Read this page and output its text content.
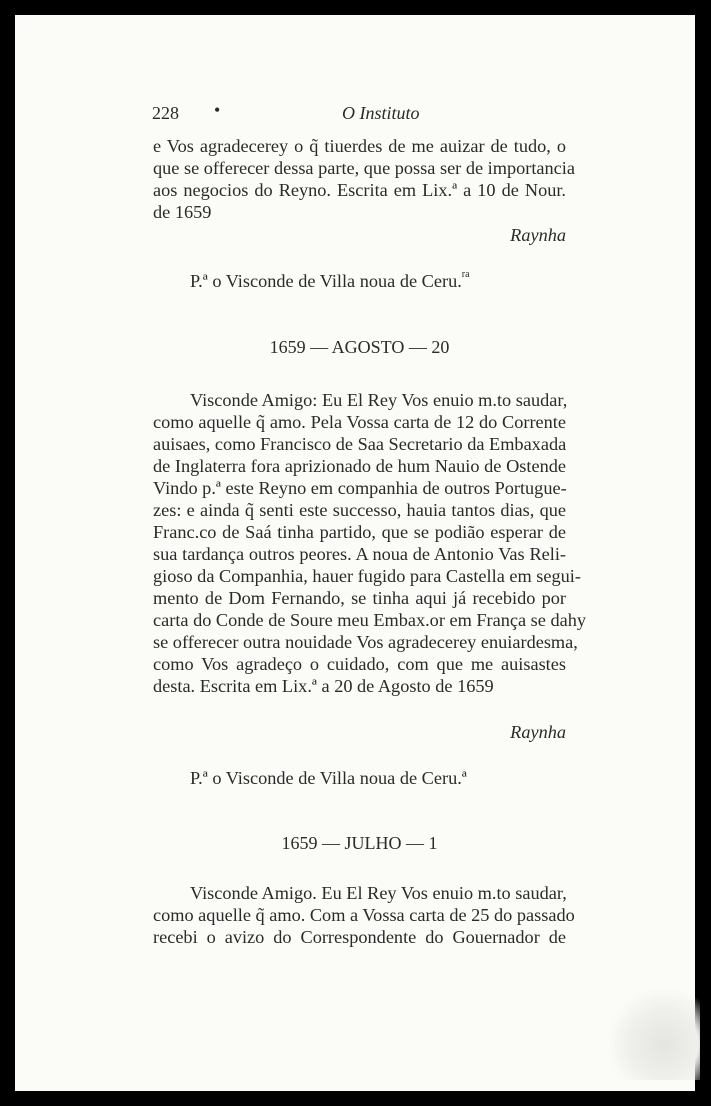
228 •	O Instituto
e Vos agradecerey o q̃ tiuerdes de me auizar de tudo, o
que se offerecer dessa parte, que possa ser de importancia
aos negocios do Reyno. Escrita em Lix.ª a 10 de Nour.
de 1659
Raynha
P.ª o Visconde de Villa noua de Ceru.$^{ra}$
1659 — AGOSTO — 20
Visconde Amigo: Eu El Rey Vos enuio m.to saudar,
como aquelle q̃ amo. Pela Vossa carta de 12 do Corrente
auisaes, como Francisco de Saa Secretario da Embaxada
de Inglaterra fora aprizionado de hum Nauio de Ostende
Vindo p.ª este Reyno em companhia de outros Portugue-
zes: e ainda q̃ senti este successo, hauia tantos dias, que
Franc.co de Saá tinha partido, que se podião esperar de
sua tardança outros peores. A noua de Antonio Vas Reli-
gioso da Companhia, hauer fugido para Castella em segui-
mento de Dom Fernando, se tinha aqui já recebido por
carta do Conde de Soure meu Embax.or em França se dahy
se offerecer outra nouidade Vos agradecerey enuiardesma,
como Vos agradeço o cuidado, com que me auisastes
desta. Escrita em Lix.ª a 20 de Agosto de 1659
Raynha
P.ª o Visconde de Villa noua de Ceru.ª
1659 — JULHO — 1
Visconde Amigo. Eu El Rey Vos enuio m.to saudar,
como aquelle q̃ amo. Com a Vossa carta de 25 do passado
recebi o avizo do Correspondente do Gouernador de
